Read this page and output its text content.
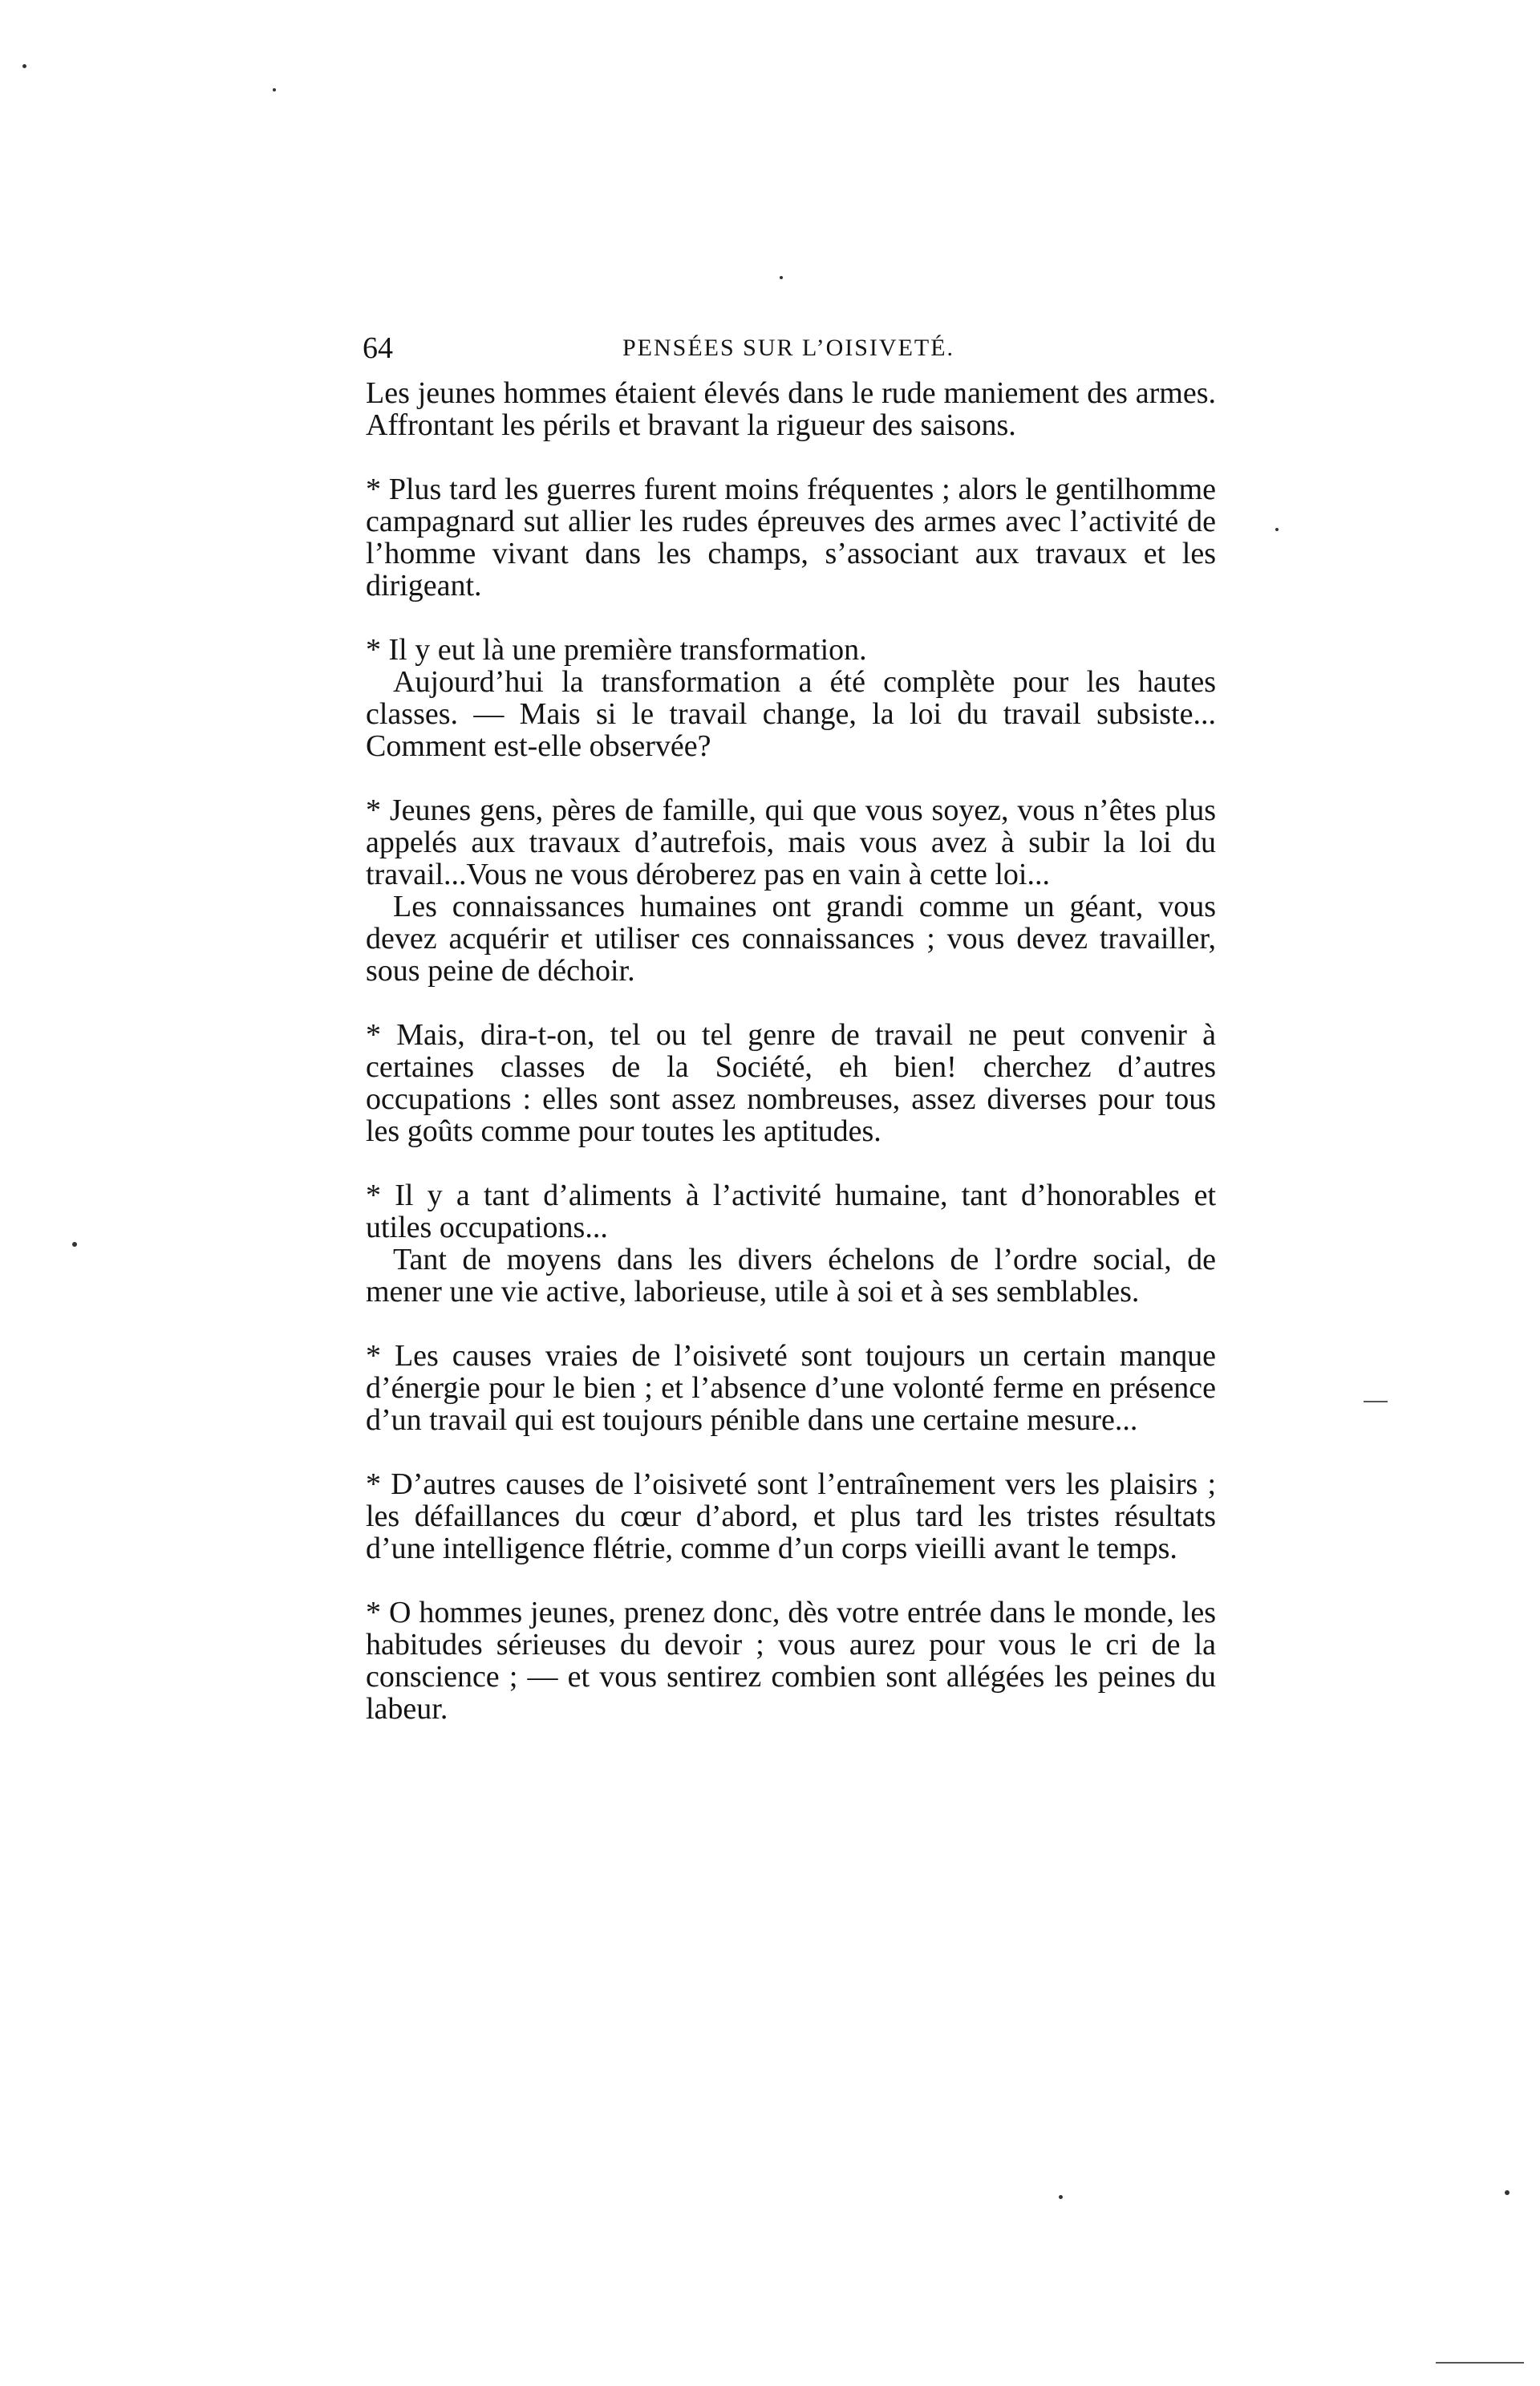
64	PENSÉES SUR L’OISIVETÉ.

Les jeunes hommes étaient élevés dans le rude maniement des armes. Affrontant les périls et bravant la rigueur des saisons.

* Plus tard les guerres furent moins fréquentes ; alors le gentilhomme campagnard sut allier les rudes épreuves des armes avec l’activité de l’homme vivant dans les champs, s’associant aux travaux et les dirigeant.

* Il y eut là une première transformation.

Aujourd’hui la transformation a été complète pour les hautes classes. — Mais si le travail change, la loi du travail subsiste... Comment est-elle observée?

* Jeunes gens, pères de famille, qui que vous soyez, vous n’êtes plus appelés aux travaux d’autrefois, mais vous avez à subir la loi du travail...Vous ne vous déroberez pas en vain à cette loi...

Les connaissances humaines ont grandi comme un géant, vous devez acquérir et utiliser ces connaissances ; vous devez travailler, sous peine de déchoir.

* Mais, dira-t-on, tel ou tel genre de travail ne peut convenir à certaines classes de la Société, eh bien! cherchez d’autres occupations : elles sont assez nombreuses, assez diverses pour tous les goûts comme pour toutes les aptitudes.

* Il y a tant d’aliments à l’activité humaine, tant d’honorables et utiles occupations...

Tant de moyens dans les divers échelons de l’ordre social, de mener une vie active, laborieuse, utile à soi et à ses semblables.

* Les causes vraies de l’oisiveté sont toujours un certain manque d’énergie pour le bien ; et l’absence d’une volonté ferme en présence d’un travail qui est toujours pénible dans une certaine mesure...

* D’autres causes de l’oisiveté sont l’entraînement vers les plaisirs ; les défaillances du cœur d’abord, et plus tard les tristes résultats d’une intelligence flétrie, comme d’un corps vieilli avant le temps.

* O hommes jeunes, prenez donc, dès votre entrée dans le monde, les habitudes sérieuses du devoir ; vous aurez pour vous le cri de la conscience ; — et vous sentirez combien sont allégées les peines du labeur.
